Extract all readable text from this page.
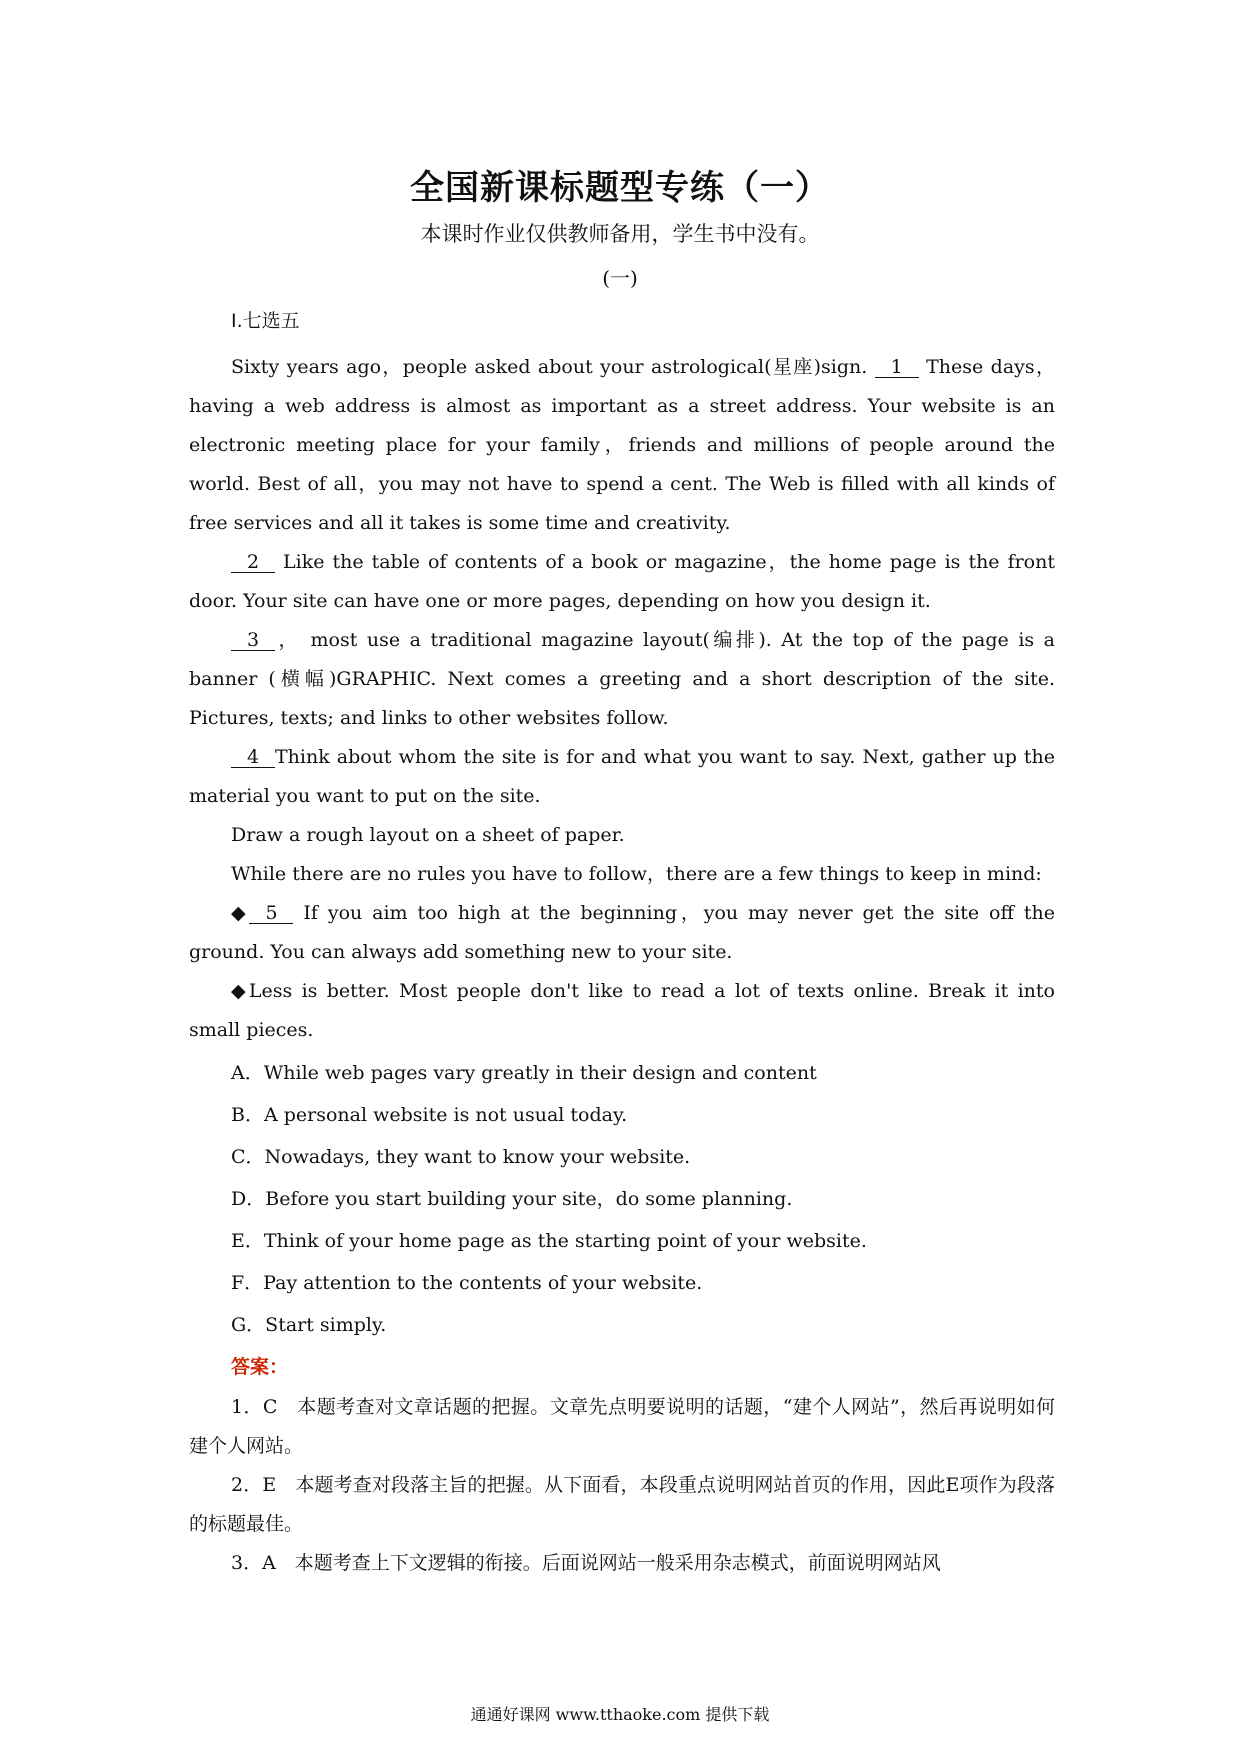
全国新课标题型专练（一）
本课时作业仅供教师备用，学生书中没有。
(一)
Ⅰ.七选五

Sixty years ago，people asked about your astrological(星座)sign. 1 These days，having a web address is almost as important as a street address. Your website is an electronic meeting place for your family，friends and millions of people around the world. Best of all，you may not have to spend a cent. The Web is filled with all kinds of free services and all it takes is some time and creativity.

2 Like the table of contents of a book or magazine，the home page is the front door. Your site can have one or more pages, depending on how you design it.

3 ， most use a traditional magazine layout(编排). At the top of the page is a banner (横幅)GRAPHIC. Next comes a greeting and a short description of the site. Pictures, texts; and links to other websites follow.

4 Think about whom the site is for and what you want to say. Next, gather up the material you want to put on the site.

Draw a rough layout on a sheet of paper.

While there are no rules you have to follow，there are a few things to keep in mind:

◆ 5 If you aim too high at the beginning，you may never get the site off the ground. You can always add something new to your site.

◆Less is better. Most people don't like to read a lot of texts online. Break it into small pieces.

A．While web pages vary greatly in their design and content

B．A personal website is not usual today.

C．Nowadays, they want to know your website.

D．Before you start building your site，do some planning.

E．Think of your home page as the starting point of your website.

F．Pay attention to the contents of your website.

G．Start simply.

答案：

1．C　本题考查对文章话题的把握。文章先点明要说明的话题，“建个人网站”，然后再说明如何建个人网站。

2．E　本题考查对段落主旨的把握。从下面看，本段重点说明网站首页的作用，因此E项作为段落的标题最佳。

3．A　本题考查上下文逻辑的衔接。后面说网站一般采用杂志模式，前面说明网站风

通通好课网 www.tthaoke.com 提供下载
